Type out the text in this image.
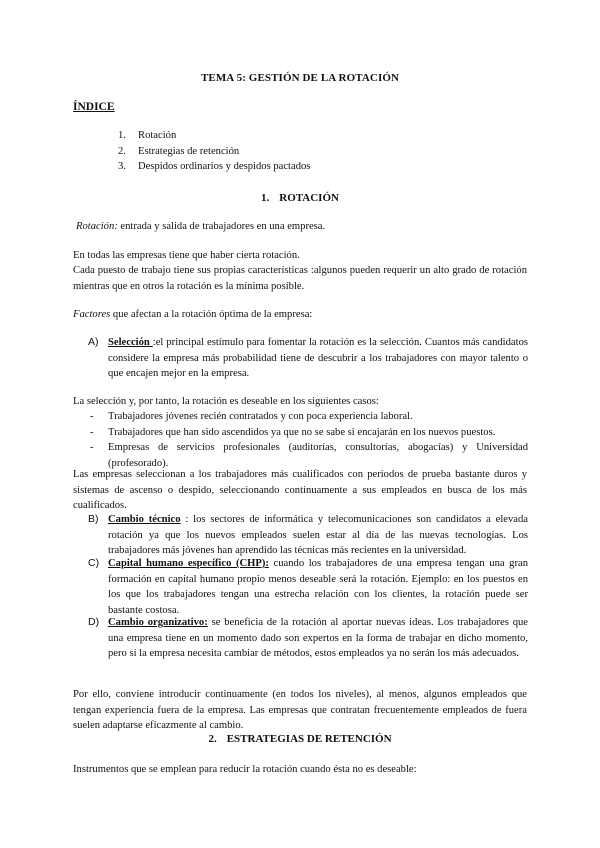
TEMA 5: GESTIÓN DE LA ROTACIÓN
ÍNDICE
1. Rotación
2. Estrategias de retención
3. Despidos ordinarios y despidos pactados
1. ROTACIÓN
Rotación: entrada y salida de trabajadores en una empresa.
En todas las empresas tiene que haber cierta rotación.
Cada puesto de trabajo tiene sus propias características :algunos pueden requerir un alto grado de rotación mientras que en otros la rotación es la mínima posible.
Factores que afectan a la rotación óptima de la empresa:
A) Selección :el principal estímulo para fomentar la rotación es la selección. Cuantos más candidatos considere la empresa más probabilidad tiene de descubrir a los trabajadores con mayor talento o que encajen mejor en la empresa.
La selección y, por tanto, la rotación es deseable en los siguientes casos:
- Trabajadores jóvenes recién contratados y con poca experiencia laboral.
- Trabajadores que han sido ascendidos ya que no se sabe si encajarán en los nuevos puestos.
- Empresas de servicios profesionales (auditorías, consultorías, abogacías) y Universidad (profesorado).
Las empresas seleccionan a los trabajadores más cualificados con periodos de prueba bastante duros y sistemas de ascenso o despido, seleccionando continuamente a sus empleados en busca de los más cualificados.
B) Cambio técnico : los sectores de informática y telecomunicaciones son candidatos a elevada rotación ya que los nuevos empleados suelen estar al día de las nuevas tecnologías. Los trabajadores más jóvenes han aprendido las técnicas más recientes en la universidad.
C) Capital humano específico (CHP): cuando los trabajadores de una empresa tengan una gran formación en capital humano propio menos deseable será la rotación. Ejemplo: en los puestos en los que los trabajadores tengan una estrecha relación con los clientes, la rotación puede ser bastante costosa.
D) Cambio organizativo: se beneficia de la rotación al aportar nuevas ideas. Los trabajadores que una empresa tiene en un momento dado son expertos en la forma de trabajar en dicho momento, pero si la empresa necesita cambiar de métodos, estos empleados ya no serán los más adecuados.
Por ello, conviene introducir continuamente (en todos los niveles), al menos, algunos empleados que tengan experiencia fuera de la empresa. Las empresas que contratan frecuentemente empleados de fuera suelen adaptarse eficazmente al cambio.
2. ESTRATEGIAS DE RETENCIÓN
Instrumentos que se emplean para reducir la rotación cuando ésta no es deseable:
